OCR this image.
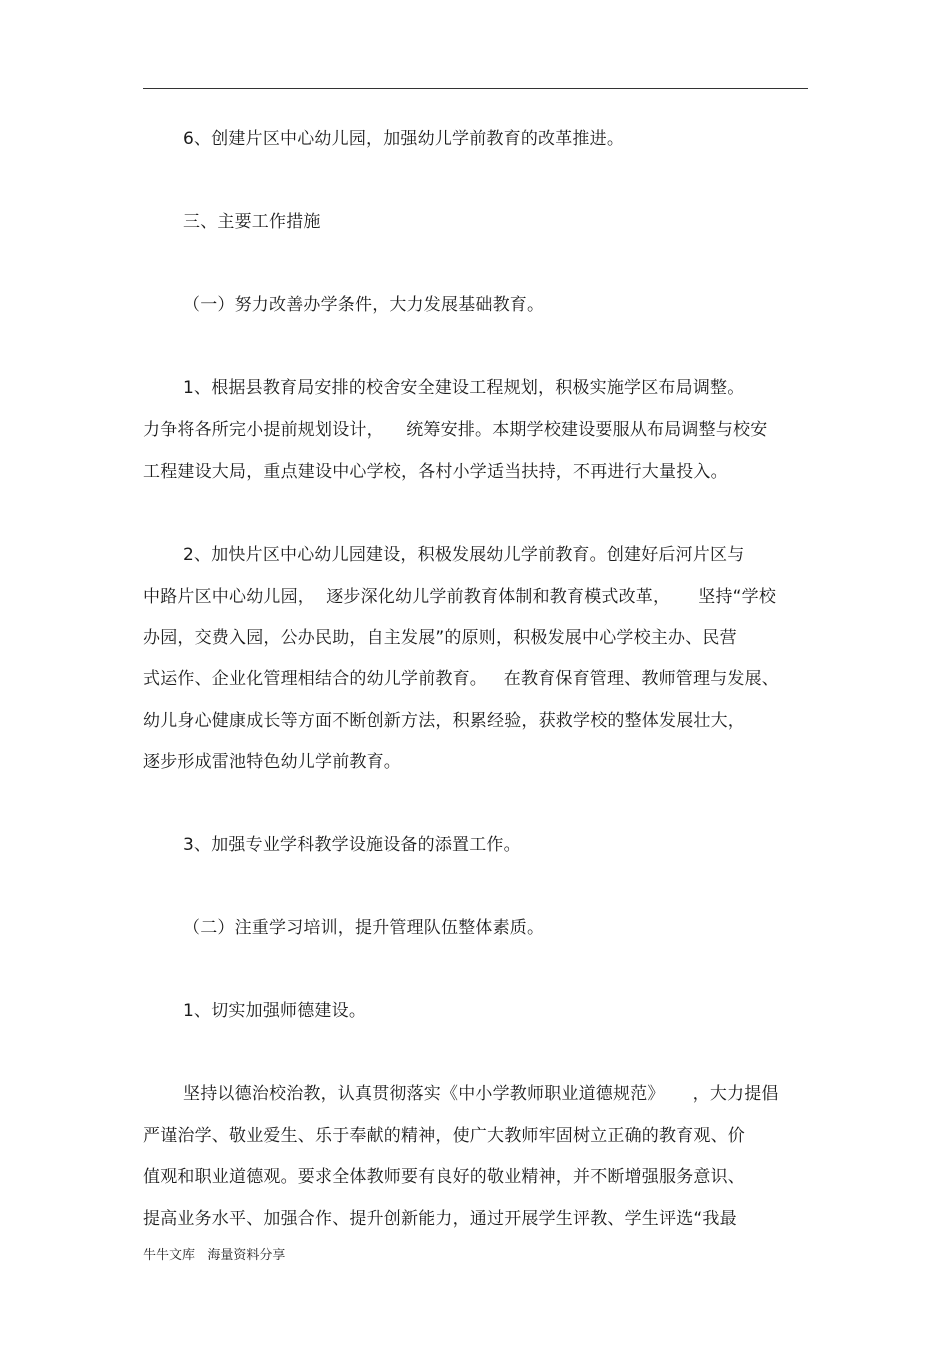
6、创建片区中心幼儿园，加强幼儿学前教育的改革推进。
三、主要工作措施
（一）努力改善办学条件，大力发展基础教育。
1、根据县教育局安排的校舍安全建设工程规划，积极实施学区布局调整。
力争将各所完小提前规划设计，    统筹安排。本期学校建设要服从布局调整与校安
工程建设大局，重点建设中心学校，各村小学适当扶持，不再进行大量投入。
2、加快片区中心幼儿园建设，积极发展幼儿学前教育。创建好后河片区与
中路片区中心幼儿园，  逐步深化幼儿学前教育体制和教育模式改革，     坚持“学校
办园，交费入园，公办民助，自主发展”的原则，积极发展中心学校主办、民营
式运作、企业化管理相结合的幼儿学前教育。   在教育保育管理、教师管理与发展、
幼儿身心健康成长等方面不断创新方法，积累经验，获救学校的整体发展壮大，
逐步形成雷池特色幼儿学前教育。
3、加强专业学科教学设施设备的添置工作。
（二）注重学习培训，提升管理队伍整体素质。
1、切实加强师德建设。
坚持以德治校治教，认真贯彻落实《中小学教师职业道德规范》     ，大力提倡
严谨治学、敬业爱生、乐于奉献的精神，使广大教师牢固树立正确的教育观、价
值观和职业道德观。要求全体教师要有良好的敬业精神，并不断增强服务意识、
提高业务水平、加强合作、提升创新能力，通过开展学生评教、学生评选“我最
牛牛文库   海量资料分享
